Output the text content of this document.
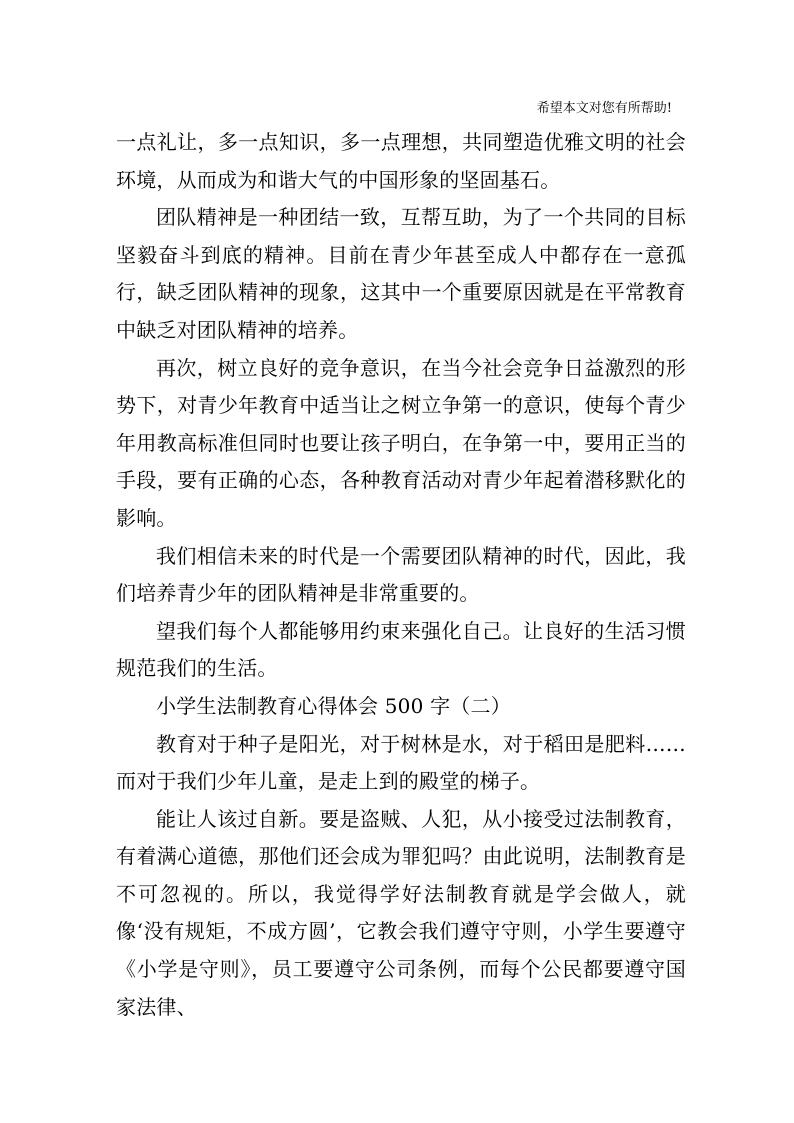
希望本文对您有所帮助!

一点礼让，多一点知识，多一点理想，共同塑造优雅文明的社会环境，从而成为和谐大气的中国形象的坚固基石。

团队精神是一种团结一致，互帮互助，为了一个共同的目标坚毅奋斗到底的精神。目前在青少年甚至成人中都存在一意孤行，缺乏团队精神的现象，这其中一个重要原因就是在平常教育中缺乏对团队精神的培养。

再次，树立良好的竞争意识，在当今社会竞争日益激烈的形势下，对青少年教育中适当让之树立争第一的意识，使每个青少年用教高标准但同时也要让孩子明白，在争第一中，要用正当的手段，要有正确的心态，各种教育活动对青少年起着潜移默化的影响。

我们相信未来的时代是一个需要团队精神的时代，因此，我们培养青少年的团队精神是非常重要的。

望我们每个人都能够用约束来强化自己。让良好的生活习惯规范我们的生活。

小学生法制教育心得体会 500 字（二）

教育对于种子是阳光，对于树林是水，对于稻田是肥料……而对于我们少年儿童，是走上到的殿堂的梯子。

能让人该过自新。要是盗贼、人犯，从小接受过法制教育，有着满心道德，那他们还会成为罪犯吗？由此说明，法制教育是不可忽视的。所以，我觉得学好法制教育就是学会做人，就像‘没有规矩，不成方圆’，它教会我们遵守守则，小学生要遵守《小学是守则》，员工要遵守公司条例，而每个公民都要遵守国家法律、
